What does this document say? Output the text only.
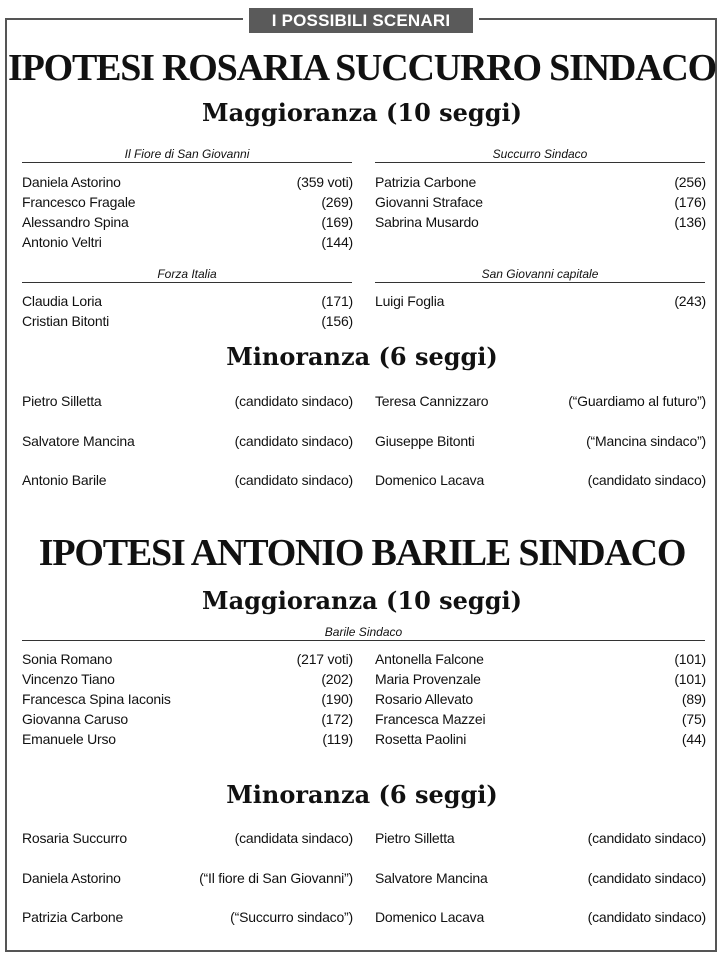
I POSSIBILI SCENARI
IPOTESI ROSARIA SUCCURRO SINDACO
Maggioranza (10 seggi)
Il Fiore di San Giovanni	Succurro Sindaco
Daniela Astorino	(359 voti)
Francesco Fragale	(269)
Alessandro Spina	(169)
Antonio Veltri	(144)
Patrizia Carbone	(256)
Giovanni Straface	(176)
Sabrina Musardo	(136)
Forza Italia	San Giovanni capitale
Claudia Loria	(171)
Cristian Bitonti	(156)
Luigi Foglia	(243)
Minoranza (6 seggi)
Pietro Silletta	(candidato sindaco)
Salvatore Mancina	(candidato sindaco)
Antonio Barile	(candidato sindaco)
Teresa Cannizzaro	(“Guardiamo al futuro”)
Giuseppe Bitonti	(“Mancina sindaco”)
Domenico Lacava	(candidato sindaco)
IPOTESI ANTONIO BARILE SINDACO
Maggioranza (10 seggi)
Barile Sindaco
Sonia Romano	(217 voti)
Vincenzo Tiano	(202)
Francesca Spina Iaconis	(190)
Giovanna Caruso	(172)
Emanuele Urso	(119)
Antonella Falcone	(101)
Maria Provenzale	(101)
Rosario Allevato	(89)
Francesca Mazzei	(75)
Rosetta Paolini	(44)
Minoranza (6 seggi)
Rosaria Succurro	(candidata sindaco)
Daniela Astorino	(“Il fiore di San Giovanni”)
Patrizia Carbone	(“Succurro sindaco”)
Pietro Silletta	(candidato sindaco)
Salvatore Mancina	(candidato sindaco)
Domenico Lacava	(candidato sindaco)
